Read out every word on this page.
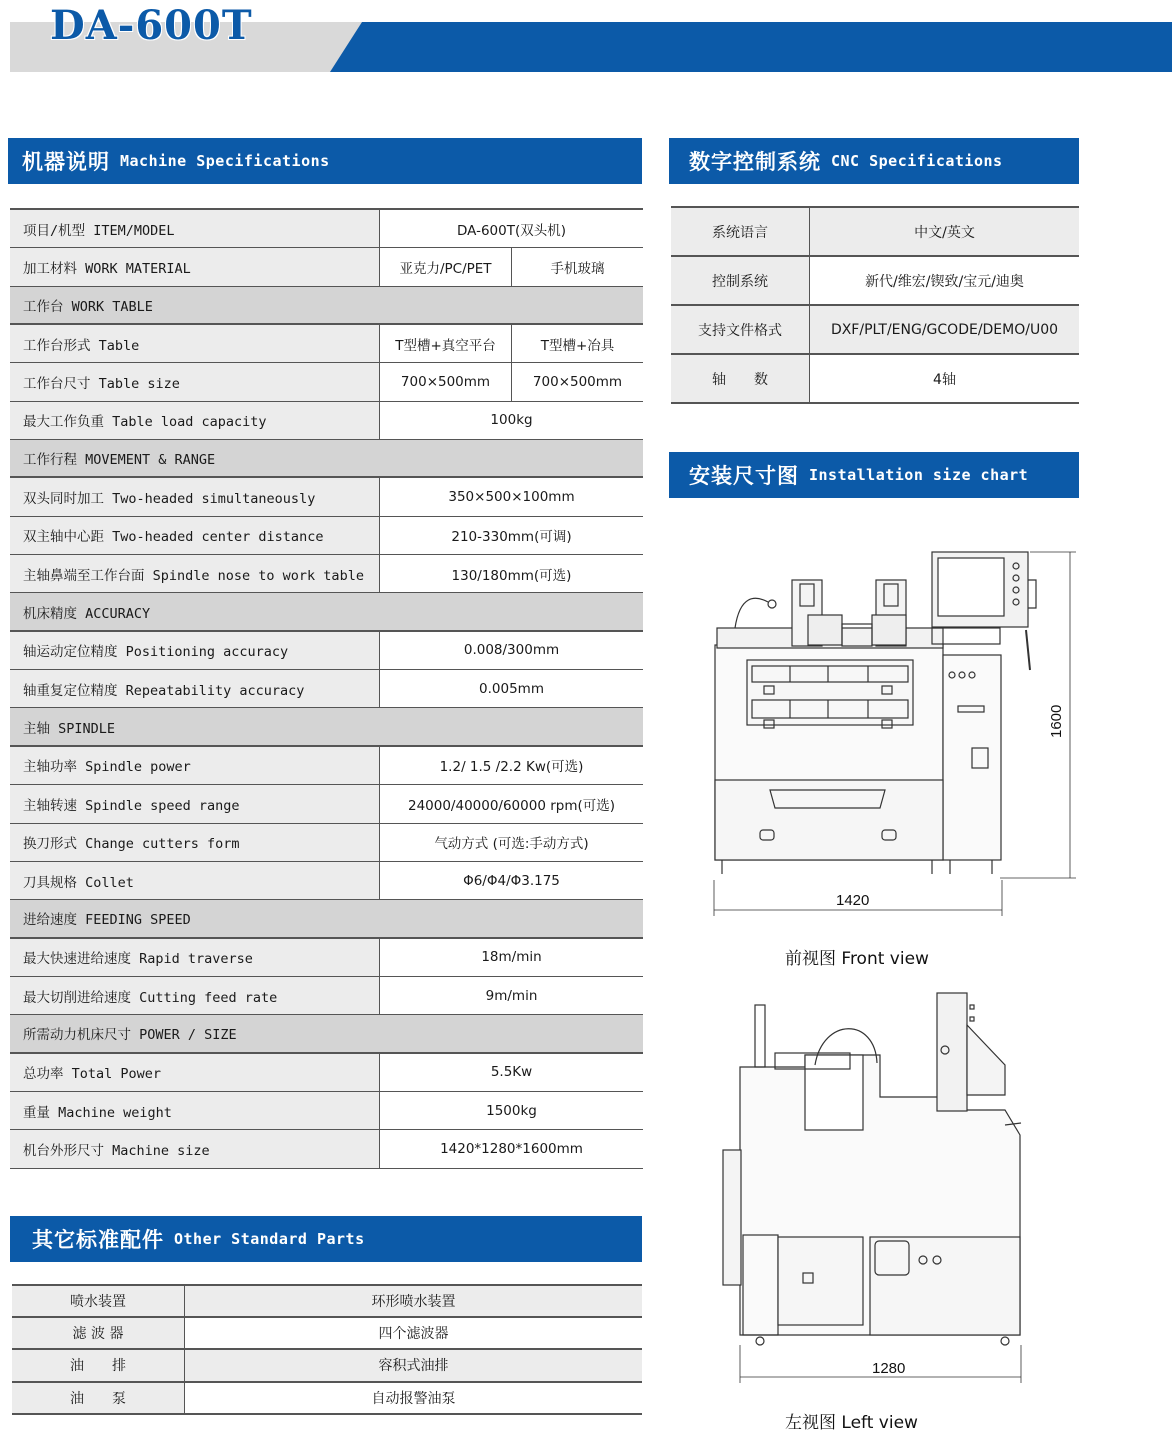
DA-600T
机器说明 Machine Specifications
项目/机型 ITEM/MODEL	DA-600T(双头机)
加工材料 WORK MATERIAL	亚克力/PC/PET	手机玻璃
工作台 WORK TABLE
工作台形式 Table	T型槽+真空平台	T型槽+冶具
工作台尺寸 Table size	700×500mm	700×500mm
最大工作负重 Table load capacity	100kg
工作行程 MOVEMENT & RANGE
双头同时加工 Two-headed simultaneously	350×500×100mm
双主轴中心距 Two-headed center distance	210-330mm(可调)
主轴鼻端至工作台面 Spindle nose to work table	130/180mm(可选)
机床精度 ACCURACY
轴运动定位精度 Positioning accuracy	0.008/300mm
轴重复定位精度 Repeatability accuracy	0.005mm
主轴 SPINDLE
主轴功率 Spindle power	1.2/ 1.5 /2.2 Kw(可选)
主轴转速 Spindle speed range	24000/40000/60000 rpm(可选)
换刀形式 Change cutters form	气动方式 (可选:手动方式)
刀具规格 Collet	Φ6/Φ4/Φ3.175
进给速度 FEEDING SPEED
最大快速进给速度 Rapid traverse	18m/min
最大切削进给速度 Cutting feed rate	9m/min
所需动力机床尺寸 POWER / SIZE
总功率 Total Power	5.5Kw
重量 Machine weight	1500kg
机台外形尺寸 Machine size	1420*1280*1600mm
数字控制系统 CNC Specifications
系统语言	中文/英文
控制系统	新代/维宏/锲致/宝元/迪奥
支持文件格式	DXF/PLT/ENG/GCODE/DEMO/U00
轴　　数	4轴
安装尺寸图 Installation size chart
1420
1600
前视图 Front view
1280
左视图 Left view
其它标准配件 Other Standard Parts
喷水装置	环形喷水装置
滤 波 器	四个滤波器
油　　排	容积式油排
油　　泵	自动报警油泵
